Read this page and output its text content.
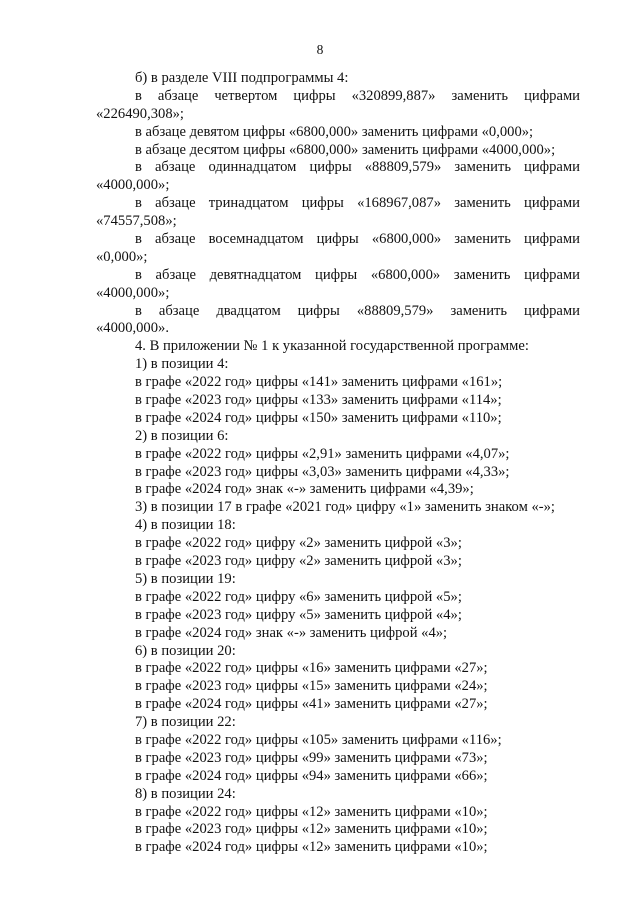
8
б) в разделе VIII подпрограммы 4:
в абзаце четвертом цифры «320899,887» заменить цифрами
«226490,308»;
в абзаце девятом цифры «6800,000» заменить цифрами «0,000»;
в абзаце десятом цифры «6800,000» заменить цифрами «4000,000»;
в абзаце одиннадцатом цифры «88809,579» заменить цифрами
«4000,000»;
в абзаце тринадцатом цифры «168967,087» заменить цифрами
«74557,508»;
в абзаце восемнадцатом цифры «6800,000» заменить цифрами
«0,000»;
в абзаце девятнадцатом цифры «6800,000» заменить цифрами
«4000,000»;
в абзаце двадцатом цифры «88809,579» заменить цифрами
«4000,000».
4. В приложении № 1 к указанной государственной программе:
1) в позиции 4:
в графе «2022 год» цифры «141» заменить цифрами «161»;
в графе «2023 год» цифры «133» заменить цифрами «114»;
в графе «2024 год» цифры «150» заменить цифрами «110»;
2) в позиции 6:
в графе «2022 год» цифры «2,91» заменить цифрами «4,07»;
в графе «2023 год» цифры «3,03» заменить цифрами «4,33»;
в графе «2024 год» знак «-» заменить цифрами «4,39»;
3) в позиции 17 в графе «2021 год» цифру «1» заменить знаком «-»;
4) в позиции 18:
в графе «2022 год» цифру «2» заменить цифрой «3»;
в графе «2023 год» цифру «2» заменить цифрой «3»;
5) в позиции 19:
в графе «2022 год» цифру «6» заменить цифрой «5»;
в графе «2023 год» цифру «5» заменить цифрой «4»;
в графе «2024 год» знак «-» заменить цифрой «4»;
6) в позиции 20:
в графе «2022 год» цифры «16» заменить цифрами «27»;
в графе «2023 год» цифры «15» заменить цифрами «24»;
в графе «2024 год» цифры «41» заменить цифрами «27»;
7) в позиции 22:
в графе «2022 год» цифры «105» заменить цифрами «116»;
в графе «2023 год» цифры «99» заменить цифрами «73»;
в графе «2024 год» цифры «94» заменить цифрами «66»;
8) в позиции 24:
в графе «2022 год» цифры «12» заменить цифрами «10»;
в графе «2023 год» цифры «12» заменить цифрами «10»;
в графе «2024 год» цифры «12» заменить цифрами «10»;
